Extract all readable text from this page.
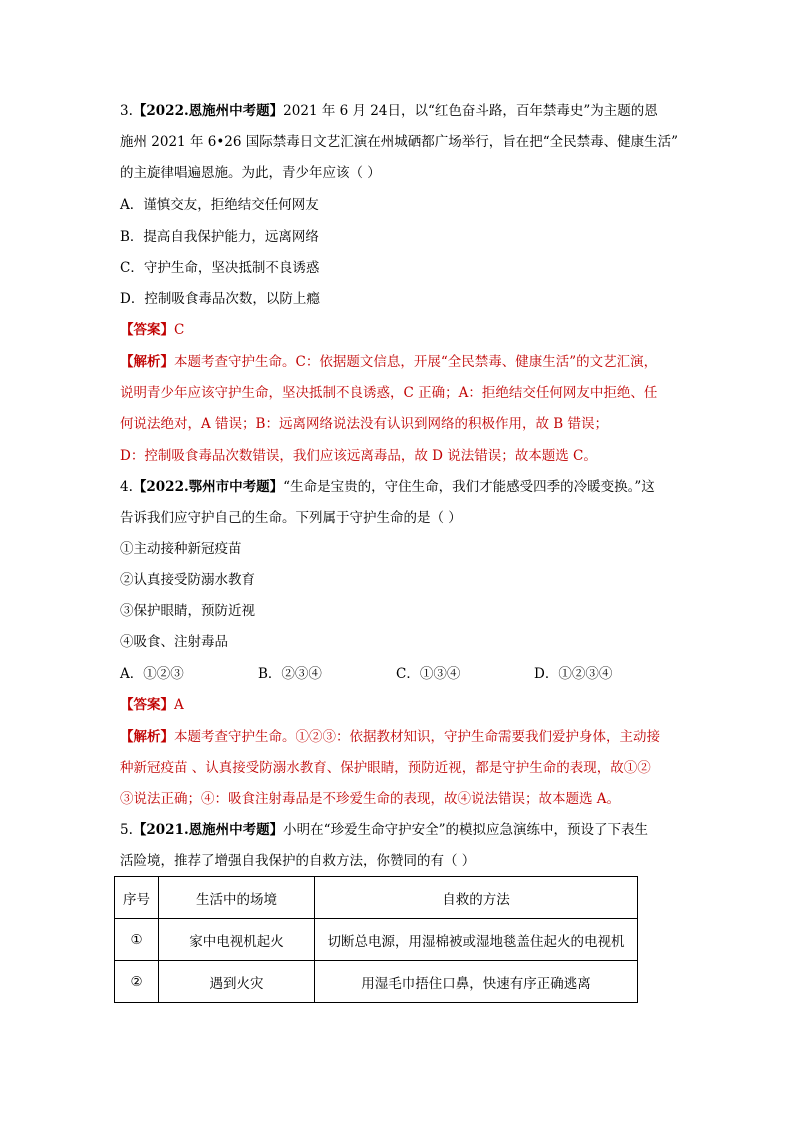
3.【2022.恩施州中考题】2021 年 6 月 24日，以“红色奋斗路，百年禁毒史”为主题的恩
施州 2021 年 6•26 国际禁毒日文艺汇演在州城硒都广场举行，旨在把“全民禁毒、健康生活”
的主旋律唱遍恩施。为此，青少年应该（ ）
A．谨慎交友，拒绝结交任何网友
B．提高自我保护能力，远离网络
C．守护生命，坚决抵制不良诱惑
D．控制吸食毒品次数，以防上瘾
【答案】C
【解析】本题考查守护生命。C：依据题文信息，开展“全民禁毒、健康生活”的文艺汇演，
说明青少年应该守护生命，坚决抵制不良诱惑，C 正确；A：拒绝结交任何网友中拒绝、任
何说法绝对，A 错误；B：远离网络说法没有认识到网络的积极作用，故 B 错误；
D：控制吸食毒品次数错误，我们应该远离毒品，故 D 说法错误；故本题选 C。
4.【2022.鄂州市中考题】“生命是宝贵的，守住生命，我们才能感受四季的冷暖变换。”这
告诉我们应守护自己的生命。下列属于守护生命的是（ ）
①主动接种新冠疫苗
②认真接受防溺水教育
③保护眼睛，预防近视
④吸食、注射毒品
A．①②③	B．②③④	C．①③④	D．①②③④
【答案】A
【解析】本题考查守护生命。①②③：依据教材知识，守护生命需要我们爱护身体，主动接
种新冠疫苗 、认真接受防溺水教育、保护眼睛，预防近视，都是守护生命的表现，故①②
③说法正确；④：吸食注射毒品是不珍爱生命的表现，故④说法错误；故本题选 A。
5.【2021.恩施州中考题】小明在“珍爱生命守护安全”的模拟应急演练中，预设了下表生
活险境，推荐了增强自我保护的自救方法，你赞同的有（ ）
序号	生活中的场境	自救的方法
①	家中电视机起火	切断总电源，用湿棉被或湿地毯盖住起火的电视机
②	遇到火灾	用湿毛巾捂住口鼻，快速有序正确逃离
